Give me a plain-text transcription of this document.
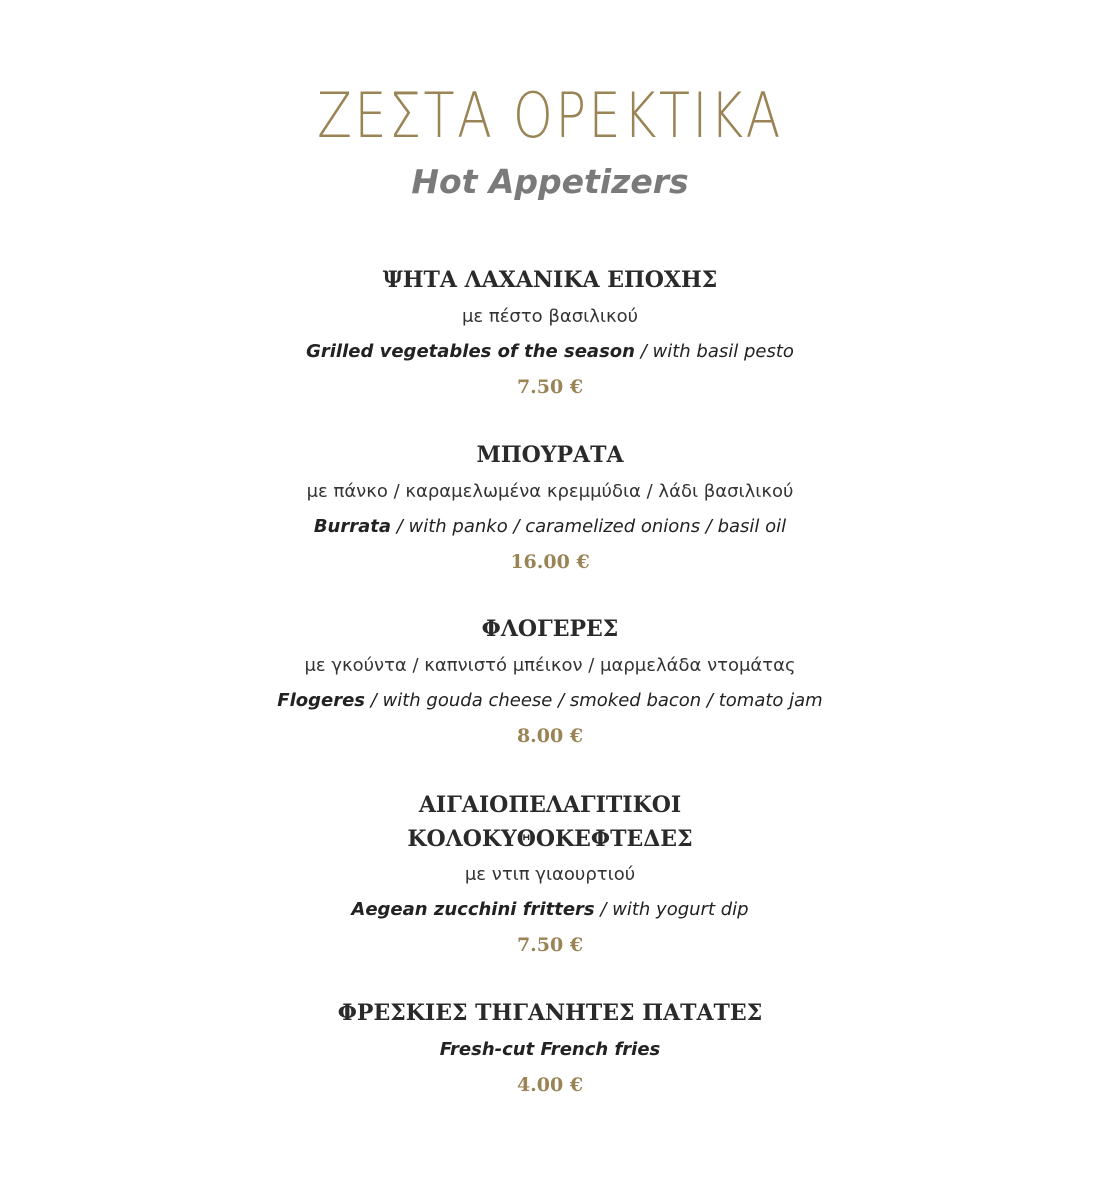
ΖΕΣΤΑ ΟΡΕΚΤΙΚΑ
Hot Appetizers
ΨΗΤΑ ΛΑΧΑΝΙΚΑ ΕΠΟΧΗΣ
με πέστο βασιλικού
Grilled vegetables of the season / with basil pesto
7.50 €
ΜΠΟΥΡΑΤΑ
με πάνκο / καραμελωμένα κρεμμύδια / λάδι βασιλικού
Burrata / with panko / caramelized onions / basil oil
16.00 €
ΦΛΟΓΕΡΕΣ
με γκούντα / καπνιστό μπέικον / μαρμελάδα ντομάτας
Flogeres / with gouda cheese / smoked bacon / tomato jam
8.00 €
ΑΙΓΑΙΟΠΕΛΑΓΙΤΙΚΟΙ
ΚΟΛΟΚΥΘΟΚΕΦΤΕΔΕΣ
με ντιπ γιαουρτιού
Aegean zucchini fritters / with yogurt dip
7.50 €
ΦΡΕΣΚΙΕΣ ΤΗΓΑΝΗΤΕΣ ΠΑΤΑΤΕΣ
Fresh-cut French fries
4.00 €
